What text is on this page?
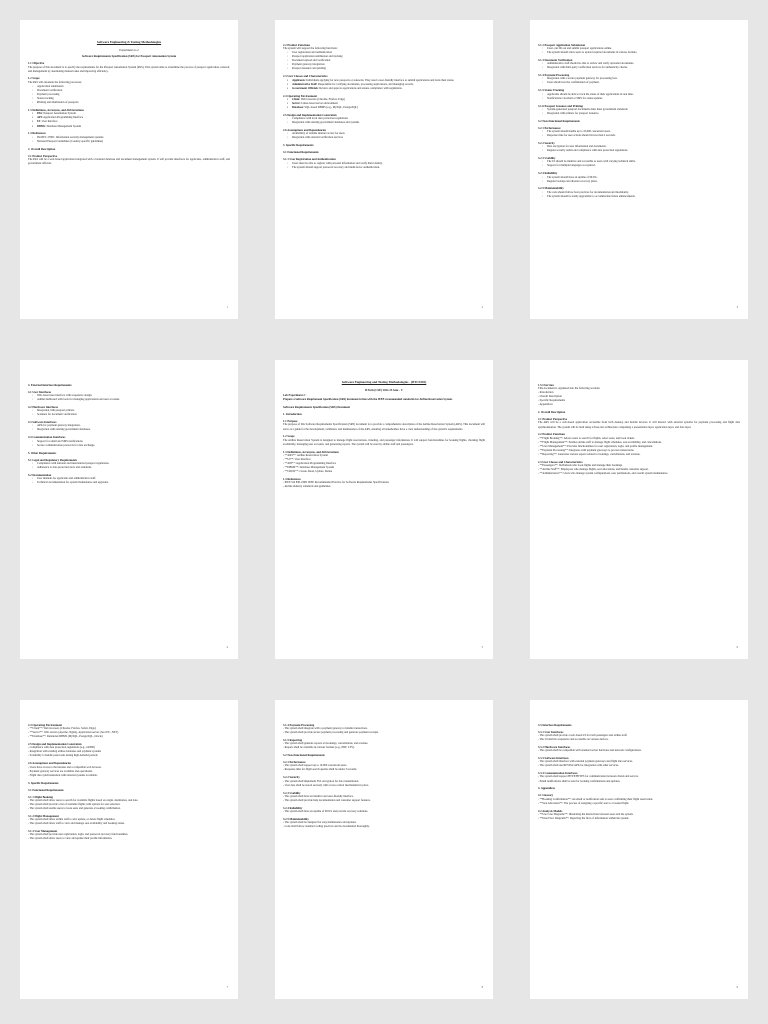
Software Engineering & Testing Methodologies
Experiment no 2
Software Requirements Specification (SRS) for Passport Automation System
1.1 Objective
The purpose of this document is to specify the requirements for the Passport Automation System (PAS). This system aims to streamline the process of passport application, renewal, and management by automating manual tasks and improving efficiency.
1.2 Scope
The PAS will automate the following processes:
◦ Application submission
◦ Document verification
◦ Payment processing
◦ Status tracking
◦ Printing and distribution of passports
1.3 Definitions, Acronyms, and Abbreviations
▪ PAS: Passport Automation System
▪ API: Application Programming Interface
▪ UI: User Interface
▪ DBMS: Database Management System
1.4 References
◦ ISO/IEC 27001: Information security management systems
◦ National Passport Guidelines [Country-specific guidelines]
2. Overall Description
2.1 Product Perspective
The PAS will be a web-based application integrated with a backend database and document management system. It will provide interfaces for applicants, administrative staff, and government officials.
1
2.2 Product Functions
The system will support the following functions:
◦ User registration and authentication
◦ Passport application submission and tracking
◦ Document upload and verification
◦ Payment gateway integration
◦ Passport issuance and printing
2.3 User Classes and Characteristics
▪ Applicants: Individuals applying for new passports or renewals. They need a user-friendly interface to submit applications and track their status.
▪ Administrative Staff: Responsible for verifying documents, processing applications, and managing records.
▪ Government Officials: Review and approve applications and ensure compliance with regulations.
2.4 Operating Environment
▪ Client: Web browsers (Chrome, Firefox, Edge)
▪ Server: Linux-based server environment
▪ Database: SQL-based DBMS (e.g., MySQL, PostgreSQL)
2.5 Design and Implementation Constraints
◦ Compliance with local data protection regulations
◦ Integration with existing government databases and systems
2.6 Assumptions and Dependencies
◦ Availability of reliable internet access for users
◦ Integration with external verification services
3. Specific Requirements
3.1 Functional Requirements
3.1.1 User Registration and Authentication
◦ Users must be able to register with personal information and verify their identity.
◦ The system should support password recovery and multi-factor authentication.
2
3.1.2 Passport Application Submission
◦ Users can fill out and submit passport applications online.
◦ The system should allow users to upload required documents in various formats.
3.1.3 Document Verification
◦ Administrative staff should be able to review and verify uploaded documents.
◦ Integration with third-party verification services for authenticity checks.
3.1.4 Payment Processing
◦ Integration with a secure payment gateway for processing fees.
◦ Users should receive confirmation of payment.
3.1.5 Status Tracking
◦ Applicants should be able to track the status of their applications in real time.
◦ Notifications via email or SMS for status updates.
3.1.6 Passport Issuance and Printing
◦ System-generated passport documents must meet government standards.
◦ Integration with printers for passport issuance.
3.2 Non-Functional Requirements
3.2.1 Performance
◦ The system should handle up to 10,000 concurrent users.
◦ Response time for user actions should be less than 2 seconds.
3.2.2 Security
◦ Data encryption for user information and documents.
◦ Regular security audits and compliance with data protection regulations.
3.2.3 Usability
◦ The UI should be intuitive and accessible to users with varying technical skills.
◦ Support for multiple languages as required.
3.2.4 Reliability
◦ The system should have an uptime of 99.9%.
◦ Regular backups and disaster recovery plans.
3.2.5 Maintainability
◦ The code should follow best practices for documentation and modularity.
◦ The system should be easily upgradable to accommodate future enhancements.
3
4. External Interface Requirements
4.1 User Interfaces
◦ Web-based user interface with responsive design.
◦ Admin dashboard with tools for managing applications and user accounts.
4.2 Hardware Interfaces
◦ Integration with passport printers.
◦ Scanners for document verification.
4.3 Software Interfaces
◦ APIs for payment gateway integration.
◦ Integration with existing government databases.
4.4 Communication Interfaces
◦ Support for email and SMS notifications.
◦ Secure communication protocols for data exchange.
5. Other Requirements
5.1 Legal and Regulatory Requirements
◦ Compliance with national and international passport regulations.
◦ Adherence to data protection laws and standards.
5.2 Documentation
◦ User manuals for applicants and administrative staff.
◦ Technical documentation for system maintenance and upgrades.
4
Software Engineering and Testing Methodologies - (BTCS502)
B.Tech (CSE) 2022-25 Sem - V
Lab Experiment 2 :
Prepare a Software Requirement Specification (SRS) document in line with the IEEE recommended standards for Airline Reservation System.
Software Requirements Specification (SRS) Document
1. Introduction
1.1 Purpose
The purpose of this Software Requirements Specification (SRS) document is to provide a comprehensive description of the Airline Reservation System (ARS). This document will serve as a guide for the development, validation, and maintenance of the ARS, ensuring all stakeholders have a clear understanding of the system's requirements.
1.2 Scope
The Airline Reservation System is designed to manage flight reservations, ticketing, and passenger information. It will support functionalities for booking flights, checking flight availability, managing user accounts, and generating reports. The system will be used by airline staff and passengers.
1.3 Definitions, Acronyms, and Abbreviations
- **ARS**: Airline Reservation System
- **UI**: User Interface
- **API**: Application Programming Interface
- **DBMS**: Database Management System
- **CRUD**: Create, Read, Update, Delete
1.4 References
- IEEE Std 830-1998: IEEE Recommended Practice for Software Requirements Specifications
- Airline industry standards and guidelines
5
1.5 Overview
This document is organized into the following sections:
- Introduction
- Overall Description
- Specific Requirements
- Appendices
2. Overall Description
2.1 Product Perspective
The ARS will be a web-based application accessible from both desktop and mobile devices. It will interact with external systems for payment processing and flight data synchronization. The system will be built using a three-tier architecture comprising a presentation layer, application layer, and data layer.
2.2 Product Functions
- **Flight Booking**: Allows users to search for flights, select seats, and book tickets.
- **Flight Management**: Enables airline staff to manage flight schedules, seat availability, and cancellations.
- **User Management**: Provides functionalities for user registration, login, and profile management.
- **Payment Processing**: Integrates with payment gateways to process transactions.
- **Reporting**: Generates various reports related to bookings, cancellations, and revenue.
2.3 User Classes and Characteristics
- **Passengers**: Individuals who book flights and manage their bookings.
- **Airline Staff**: Employees who manage flights, seat allocations, and handle customer support.
- **Administrators**: Users who manage system configurations, user permissions, and overall system maintenance.
6
2.4 Operating Environment
- **Client**: Web browsers (Chrome, Firefox, Safari, Edge)
- **Server**: Web servers (Apache, Nginx), Application server (Java EE, .NET)
- **Database**: Relational DBMS (MySQL, PostgreSQL, Oracle)
2.5 Design and Implementation Constraints
- Compliance with data protection regulations (e.g., GDPR)
- Integration with existing airline databases and payment systems
- Scalability to handle peak loads during high-demand periods
2.6 Assumptions and Dependencies
- Users have access to the internet and a compatible web browser.
- Payment gateway services are available and operational.
- Flight data synchronization with external systems is reliable.
3. Specific Requirements
3.1 Functional Requirements
3.1.1 Flight Booking
- The system shall allow users to search for available flights based on origin, destination, and date.
- The system shall provide a list of available flights with options for seat selection.
- The system shall enable users to book seats and generate a booking confirmation.
3.1.2 Flight Management
- The system shall allow airline staff to add, update, or delete flight schedules.
- The system shall allow staff to view and manage seat availability and booking status.
3.1.3 User Management
- The system shall provide user registration, login, and password recovery functionalities.
- The system shall allow users to view and update their profile information.
7
3.1.4 Payment Processing
- The system shall integrate with a payment gateway to handle transactions.
- The system shall provide secure payment processing and generate payment receipts.
3.1.5 Reporting
- The system shall generate reports on bookings, cancellations, and revenue.
- Reports shall be available in various formats (e.g., PDF, CSV).
3.2 Non-Functional Requirements
3.2.1 Performance
- The system shall support up to 10,000 concurrent users.
- Response time for flight search queries shall be under 3 seconds.
3.2.2 Security
- The system shall implement SSL encryption for data transmission.
- User data shall be stored securely with access control mechanisms in place.
3.2.3 Usability
- The system shall have an intuitive and user-friendly interface.
- The system shall provide help documentation and customer support features.
3.2.4 Reliability
- The system shall have an uptime of 99.9% and provide recovery solutions.
3.2.5 Maintainability
- The system shall be designed for easy maintenance and updates.
- Code shall follow standard coding practices and be documented thoroughly.
8
3.3 Interface Requirements
3.3.1 User Interfaces
- The system shall provide a web-based UI for both passengers and airline staff.
- The UI shall be responsive and accessible on various devices.
3.3.2 Hardware Interfaces
- The system shall be compatible with standard server hardware and network configurations.
3.3.3 Software Interfaces
- The system shall interface with external payment gateways and flight data services.
- The system shall use RESTful APIs for integration with other services.
3.3.4 Communication Interfaces
- The system shall support HTTP/HTTPS for communication between clients and servers.
- Email notifications shall be sent for booking confirmations and updates.
4. Appendices
4.1 Glossary
- **Booking Confirmation**: An email or notification sent to users confirming their flight reservation.
- **Seat Allocation**: The process of assigning a specific seat to a booked flight.
4.2 Analysis Models
- **Use Case Diagrams**: Illustrating the interactions between users and the system.
- **Data Flow Diagrams**: Depicting the flow of information within the system.
9
